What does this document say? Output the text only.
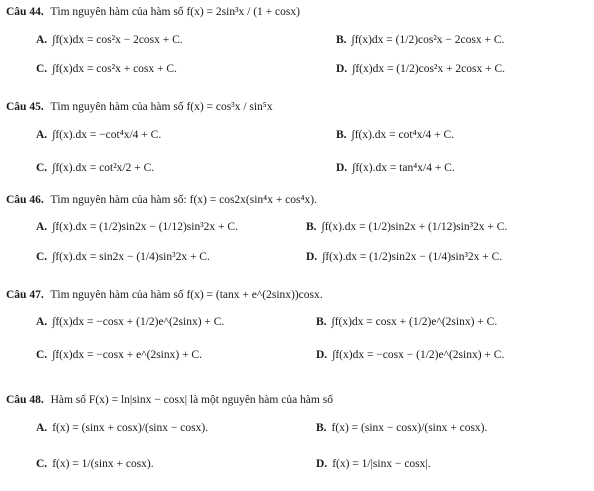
Câu 44. Tìm nguyên hàm của hàm số f(x) = 2sin³x / (1 + cosx)
A. ∫f(x)dx = cos²x − 2cosx + C.	B. ∫f(x)dx = (1/2)cos²x − 2cosx + C.
C. ∫f(x)dx = cos²x + cosx + C.	D. ∫f(x)dx = (1/2)cos²x + 2cosx + C.
Câu 45. Tìm nguyên hàm của hàm số f(x) = cos³x / sin⁵x
A. ∫f(x).dx = −cot⁴x/4 + C.	B. ∫f(x).dx = cot⁴x/4 + C.
C. ∫f(x).dx = cot²x/2 + C.	D. ∫f(x).dx = tan⁴x/4 + C.
Câu 46. Tìm nguyên hàm của hàm số: f(x) = cos2x(sin⁴x + cos⁴x).
A. ∫f(x).dx = (1/2)sin2x − (1/12)sin³2x + C.	B. ∫f(x).dx = (1/2)sin2x + (1/12)sin³2x + C.
C. ∫f(x).dx = sin2x − (1/4)sin³2x + C.	D. ∫f(x).dx = (1/2)sin2x − (1/4)sin³2x + C.
Câu 47. Tìm nguyên hàm của hàm số f(x) = (tanx + e^(2sinx))cosx.
A. ∫f(x)dx = −cosx + (1/2)e^(2sinx) + C.	B. ∫f(x)dx = cosx + (1/2)e^(2sinx) + C.
C. ∫f(x)dx = −cosx + e^(2sinx) + C.	D. ∫f(x)dx = −cosx − (1/2)e^(2sinx) + C.
Câu 48. Hàm số F(x) = ln|sinx − cosx| là một nguyên hàm của hàm số
A. f(x) = (sinx + cosx)/(sinx − cosx).	B. f(x) = (sinx − cosx)/(sinx + cosx).
C. f(x) = 1/(sinx + cosx).	D. f(x) = 1/|sinx − cosx|.
